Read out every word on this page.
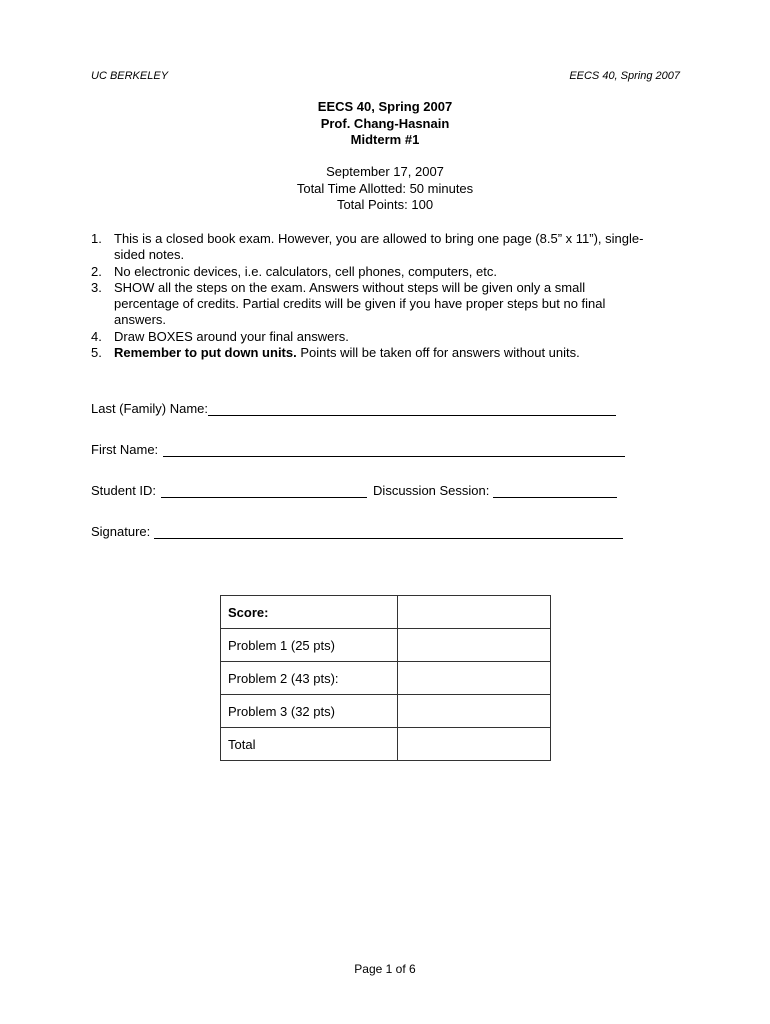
UC BERKELEY	EECS 40, Spring 2007
EECS 40, Spring 2007
Prof. Chang-Hasnain
Midterm #1
September 17, 2007
Total Time Allotted: 50 minutes
Total Points: 100
1. This is a closed book exam. However, you are allowed to bring one page (8.5” x 11”), single-sided notes.
2. No electronic devices, i.e. calculators, cell phones, computers, etc.
3. SHOW all the steps on the exam. Answers without steps will be given only a small percentage of credits. Partial credits will be given if you have proper steps but no final answers.
4. Draw BOXES around your final answers.
5. Remember to put down units. Points will be taken off for answers without units.
Last (Family) Name:
First Name:
Student ID:	Discussion Session:
Signature:
Score:	
Problem 1 (25 pts)	
Problem 2 (43 pts):	
Problem 3 (32 pts)	
Total	
Page 1 of 6
